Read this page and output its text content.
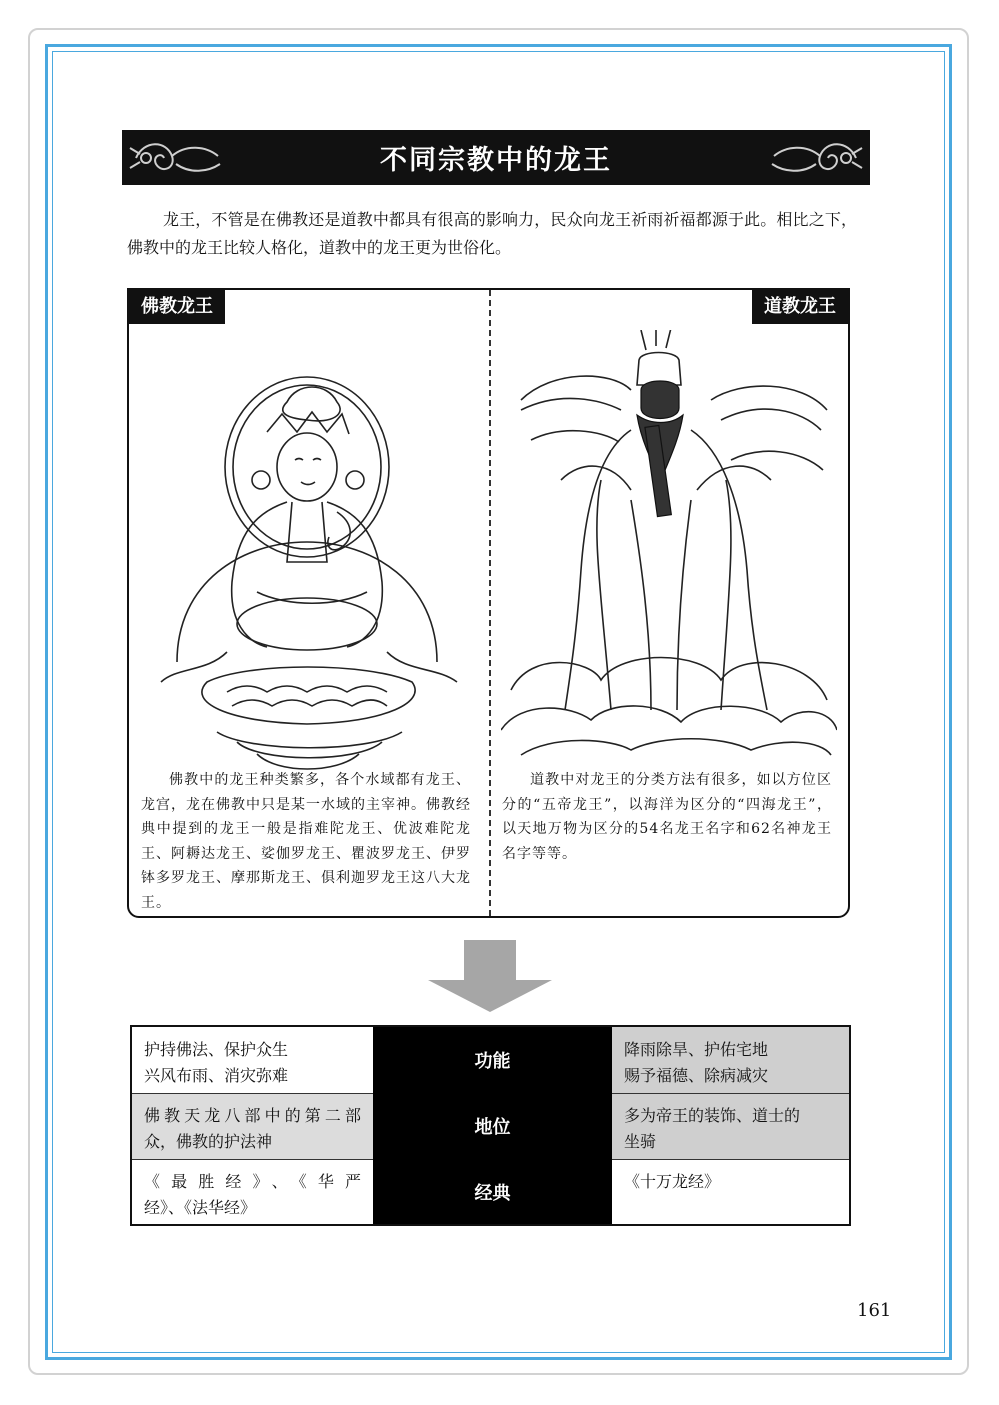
不同宗教中的龙王

龙王，不管是在佛教还是道教中都具有很高的影响力，民众向龙王祈雨祈福都源于此。相比之下，佛教中的龙王比较人格化，道教中的龙王更为世俗化。

佛教龙王	道教龙王

佛教中的龙王种类繁多，各个水域都有龙王、龙宫，龙在佛教中只是某一水域的主宰神。佛教经典中提到的龙王一般是指难陀龙王、优波难陀龙王、阿耨达龙王、娑伽罗龙王、瞿波罗龙王、伊罗钵多罗龙王、摩那斯龙王、俱利迦罗龙王这八大龙王。

道教中对龙王的分类方法有很多，如以方位区分的“五帝龙王”，以海洋为区分的“四海龙王”，以天地万物为区分的54名龙王名字和62名神龙王名字等等。

护持佛法、保护众生
兴风布雨、消灾弥难
佛教天龙八部中的第二部
众，佛教的护法神
《最胜经》、《华严
经》、《法华经》
功能
地位
经典
降雨除旱、护佑宅地
赐予福德、除病减灾
多为帝王的装饰、道士的
坐骑
《十万龙经》
161
